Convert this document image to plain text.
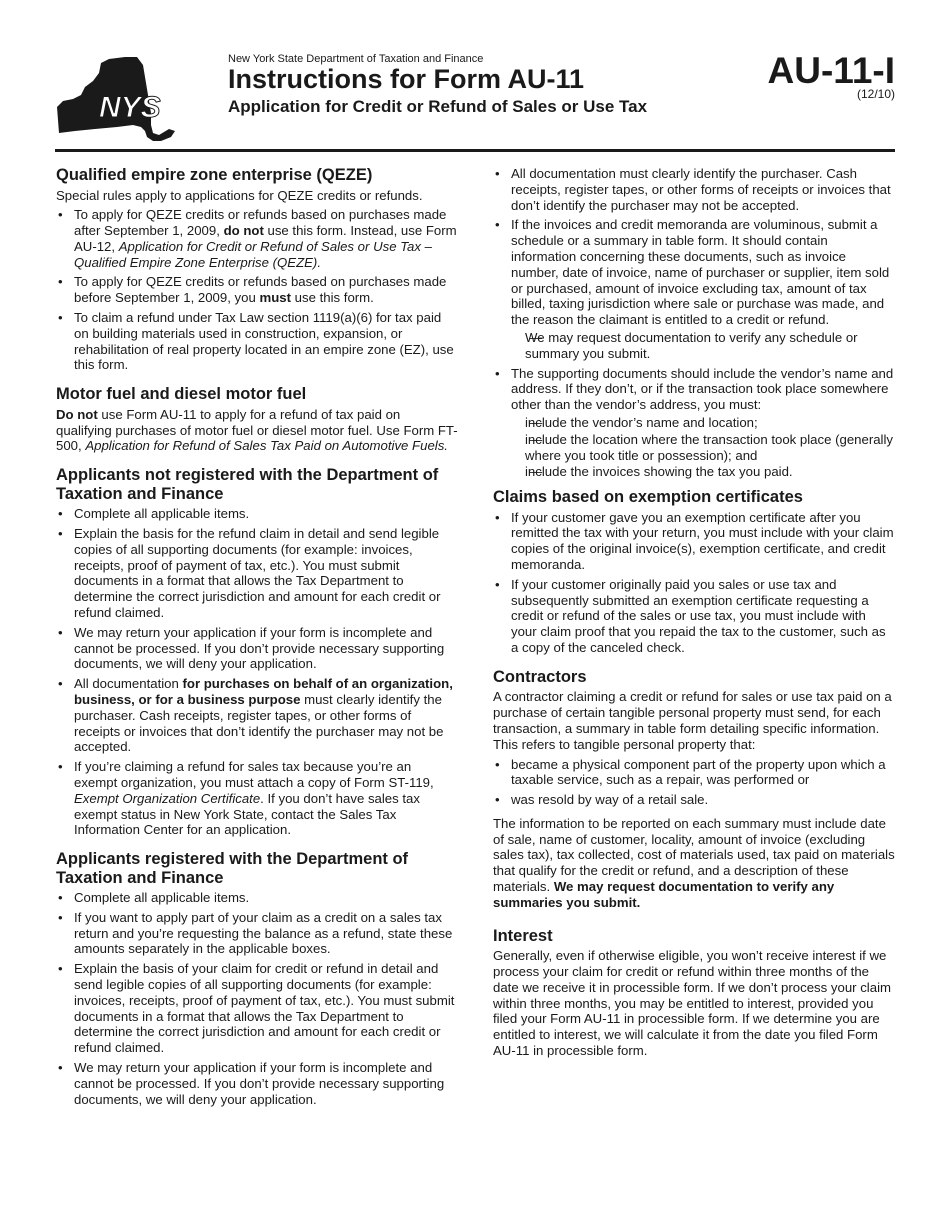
NYS
New York State Department of Taxation and Finance
Instructions for Form AU-11
Application for Credit or Refund of Sales or Use Tax
AU-11-I
(12/10)
Qualified empire zone enterprise (QEZE)

Special rules apply to applications for QEZE credits or refunds.

• To apply for QEZE credits or refunds based on purchases made after September 1, 2009, do not use this form. Instead, use Form AU-12, Application for Credit or Refund of Sales or Use Tax – Qualified Empire Zone Enterprise (QEZE).
• To apply for QEZE credits or refunds based on purchases made before September 1, 2009, you must use this form.
• To claim a refund under Tax Law section 1119(a)(6) for tax paid on building materials used in construction, expansion, or rehabilitation of real property located in an empire zone (EZ), use this form.
Motor fuel and diesel motor fuel

Do not use Form AU-11 to apply for a refund of tax paid on qualifying purchases of motor fuel or diesel motor fuel. Use Form FT-500, Application for Refund of Sales Tax Paid on Automotive Fuels.

Applicants not registered with the Department of Taxation and Finance
• Complete all applicable items.
• Explain the basis for the refund claim in detail and send legible copies of all supporting documents (for example: invoices, receipts, proof of payment of tax, etc.). You must submit documents in a format that allows the Tax Department to determine the correct jurisdiction and amount for each credit or refund claimed.
• We may return your application if your form is incomplete and cannot be processed. If you don’t provide necessary supporting documents, we will deny your application.
• All documentation for purchases on behalf of an organization, business, or for a business purpose must clearly identify the purchaser. Cash receipts, register tapes, or other forms of receipts or invoices that don’t identify the purchaser may not be accepted.
• If you’re claiming a refund for sales tax because you’re an exempt organization, you must attach a copy of Form ST-119, Exempt Organization Certificate. If you don’t have sales tax exempt status in New York State, contact the Sales Tax Information Center for an application.
Applicants registered with the Department of Taxation and Finance
• Complete all applicable items.
• If you want to apply part of your claim as a credit on a sales tax return and you’re requesting the balance as a refund, state these amounts separately in the applicable boxes.
• Explain the basis of your claim for credit or refund in detail and send legible copies of all supporting documents (for example: invoices, receipts, proof of payment of tax, etc.). You must submit documents in a format that allows the Tax Department to determine the correct jurisdiction and amount for each credit or refund claimed.
• We may return your application if your form is incomplete and cannot be processed. If you don’t provide necessary supporting documents, we will deny your application.
• All documentation must clearly identify the purchaser. Cash receipts, register tapes, or other forms of receipts or invoices that don’t identify the purchaser may not be accepted.
• If the invoices and credit memoranda are voluminous, submit a schedule or a summary in table form. It should contain information concerning these documents, such as invoice number, date of invoice, name of purchaser or supplier, item sold or purchased, amount of invoice excluding tax, amount of tax billed, taxing jurisdiction where sale or purchase was made, and the reason the claimant is entitled to a credit or refund.
— We may request documentation to verify any schedule or summary you submit.
• The supporting documents should include the vendor’s name and address. If they don’t, or if the transaction took place somewhere other than the vendor’s address, you must:
— include the vendor’s name and location;
— include the location where the transaction took place (generally where you took title or possession); and
— include the invoices showing the tax you paid.
Claims based on exemption certificates
• If your customer gave you an exemption certificate after you remitted the tax with your return, you must include with your claim copies of the original invoice(s), exemption certificate, and credit memoranda.
• If your customer originally paid you sales or use tax and subsequently submitted an exemption certificate requesting a credit or refund of the sales or use tax, you must include with your claim proof that you repaid the tax to the customer, such as a copy of the canceled check.
Contractors

A contractor claiming a credit or refund for sales or use tax paid on a purchase of certain tangible personal property must send, for each transaction, a summary in table form detailing specific information. This refers to tangible personal property that:

• became a physical component part of the property upon which a taxable service, such as a repair, was performed or
• was resold by way of a retail sale.

The information to be reported on each summary must include date of sale, name of customer, locality, amount of invoice (excluding sales tax), tax collected, cost of materials used, tax paid on materials that qualify for the credit or refund, and a description of these materials. We may request documentation to verify any summaries you submit.

Interest

Generally, even if otherwise eligible, you won’t receive interest if we process your claim for credit or refund within three months of the date we receive it in processible form. If we don’t process your claim within three months, you may be entitled to interest, provided you filed your Form AU-11 in processible form. If we determine you are entitled to interest, we will calculate it from the date you filed Form AU-11 in processible form.
